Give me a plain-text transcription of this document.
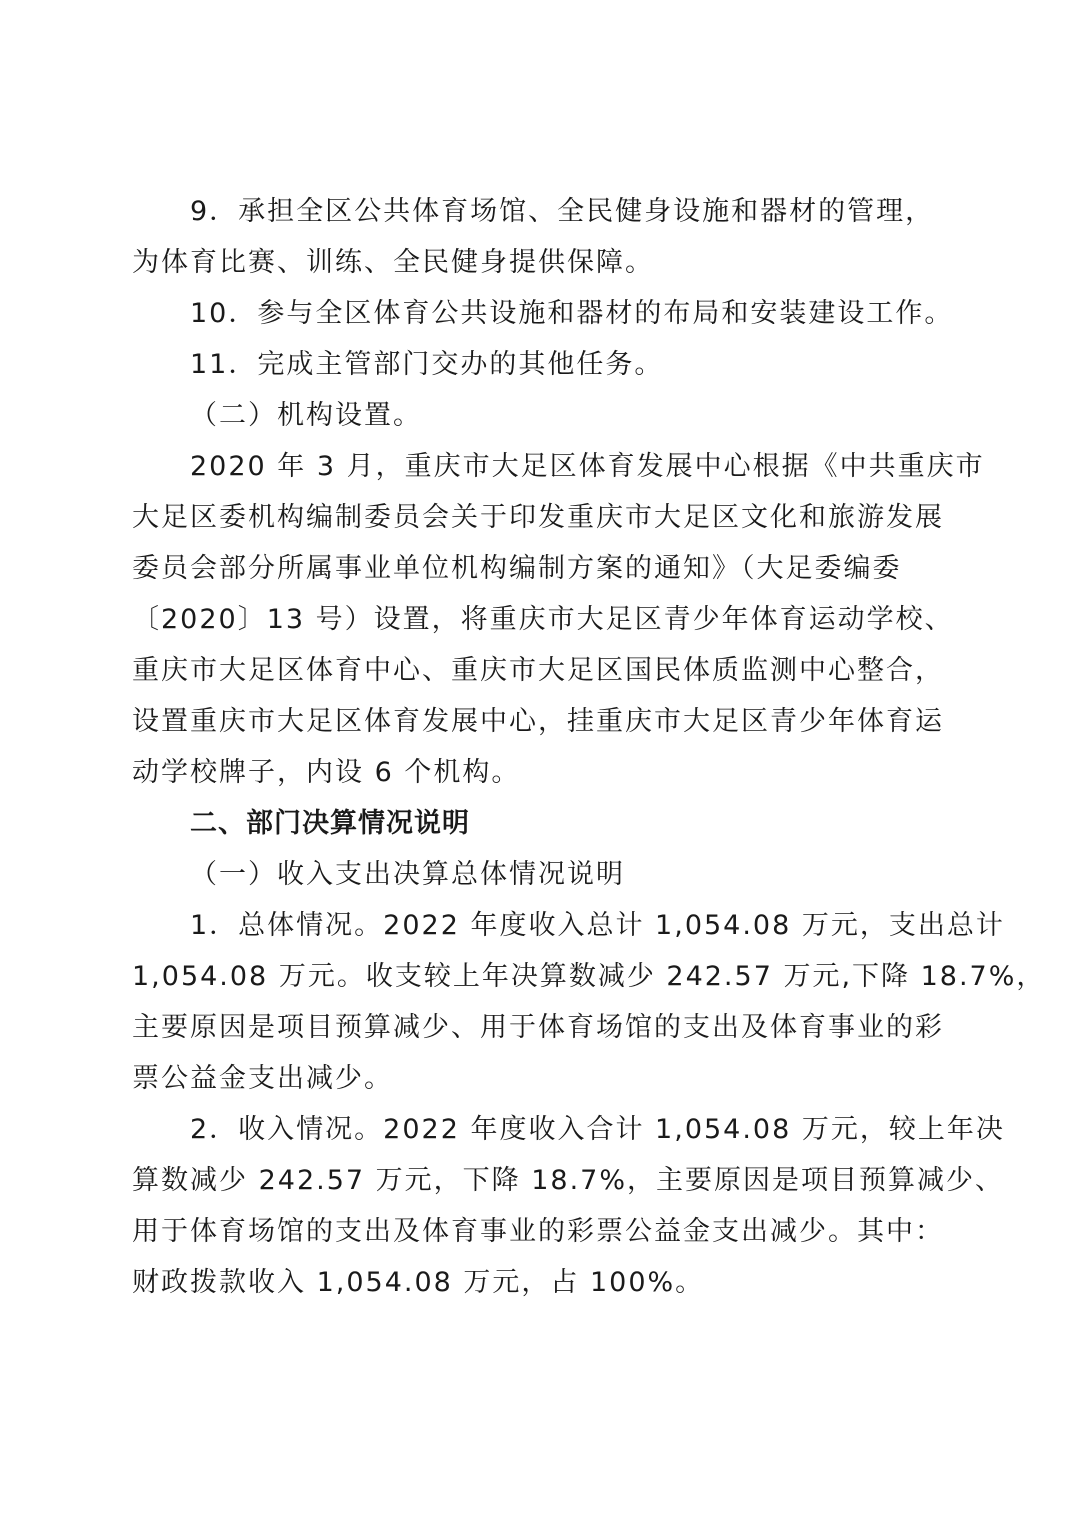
9．承担全区公共体育场馆、全民健身设施和器材的管理，
为体育比赛、训练、全民健身提供保障。
10．参与全区体育公共设施和器材的布局和安装建设工作。
11．完成主管部门交办的其他任务。
（二）机构设置。
2020 年 3 月，重庆市大足区体育发展中心根据《中共重庆市
大足区委机构编制委员会关于印发重庆市大足区文化和旅游发展
委员会部分所属事业单位机构编制方案的通知》（大足委编委
〔2020〕13 号）设置，将重庆市大足区青少年体育运动学校、
重庆市大足区体育中心、重庆市大足区国民体质监测中心整合，
设置重庆市大足区体育发展中心，挂重庆市大足区青少年体育运
动学校牌子，内设 6 个机构。
二、部门决算情况说明
（一）收入支出决算总体情况说明
1．总体情况。2022 年度收入总计 1,054.08 万元，支出总计
1,054.08 万元。收支较上年决算数减少 242.57 万元,下降 18.7%，
主要原因是项目预算减少、用于体育场馆的支出及体育事业的彩
票公益金支出减少。
2．收入情况。2022 年度收入合计 1,054.08 万元，较上年决
算数减少 242.57 万元，下降 18.7%，主要原因是项目预算减少、
用于体育场馆的支出及体育事业的彩票公益金支出减少。其中：
财政拨款收入 1,054.08 万元，占 100%。
